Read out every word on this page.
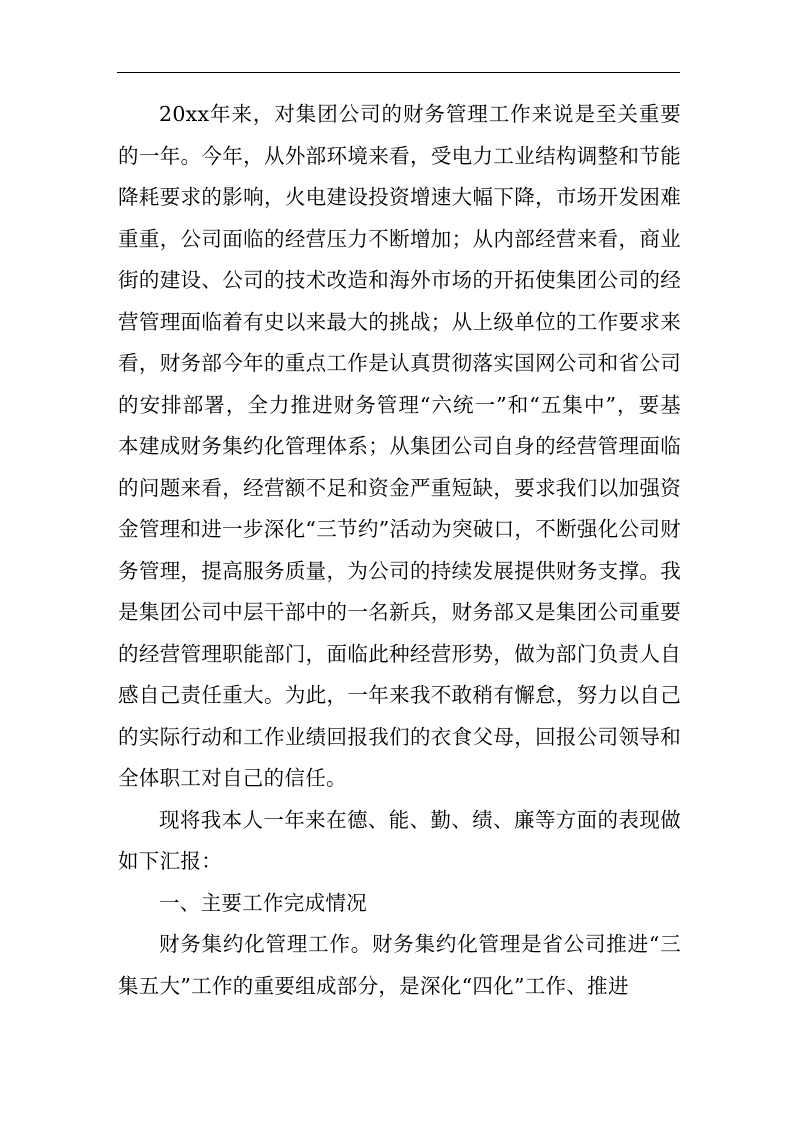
20xx年来，对集团公司的财务管理工作来说是至关重要的一年。今年，从外部环境来看，受电力工业结构调整和节能降耗要求的影响，火电建设投资增速大幅下降，市场开发困难重重，公司面临的经营压力不断增加；从内部经营来看，商业街的建设、公司的技术改造和海外市场的开拓使集团公司的经营管理面临着有史以来最大的挑战；从上级单位的工作要求来看，财务部今年的重点工作是认真贯彻落实国网公司和省公司的安排部署，全力推进财务管理“六统一”和“五集中”，要基本建成财务集约化管理体系；从集团公司自身的经营管理面临的问题来看，经营额不足和资金严重短缺，要求我们以加强资金管理和进一步深化“三节约”活动为突破口，不断强化公司财务管理，提高服务质量，为公司的持续发展提供财务支撑。我是集团公司中层干部中的一名新兵，财务部又是集团公司重要的经营管理职能部门，面临此种经营形势，做为部门负责人自感自己责任重大。为此，一年来我不敢稍有懈怠，努力以自己的实际行动和工作业绩回报我们的衣食父母，回报公司领导和全体职工对自己的信任。

现将我本人一年来在德、能、勤、绩、廉等方面的表现做如下汇报：

一、主要工作完成情况

财务集约化管理工作。财务集约化管理是省公司推进“三集五大”工作的重要组成部分，是深化“四化”工作、推进
